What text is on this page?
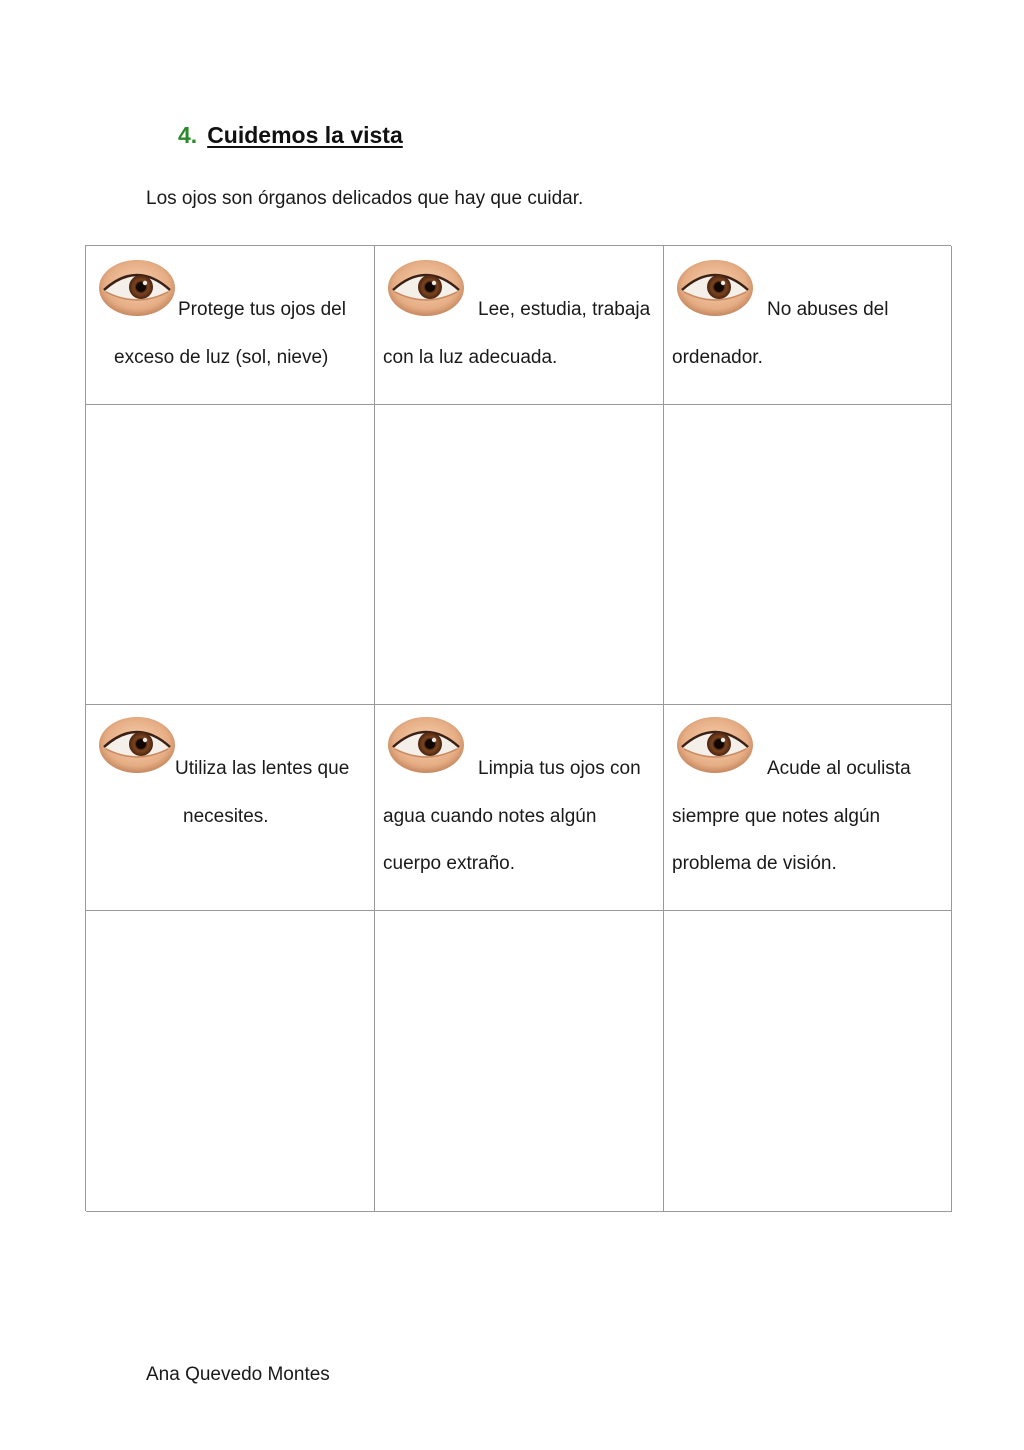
4. Cuidemos la vista
Los ojos son órganos delicados que hay que cuidar.
Protege tus ojos del
exceso de luz (sol, nieve)
Lee, estudia, trabaja
con la luz adecuada.
No abuses del
ordenador.
Utiliza las lentes que
necesites.
Limpia tus ojos con
agua cuando notes algún cuerpo extraño.
Acude al oculista
siempre que notes algún problema de visión.
Ana Quevedo Montes
